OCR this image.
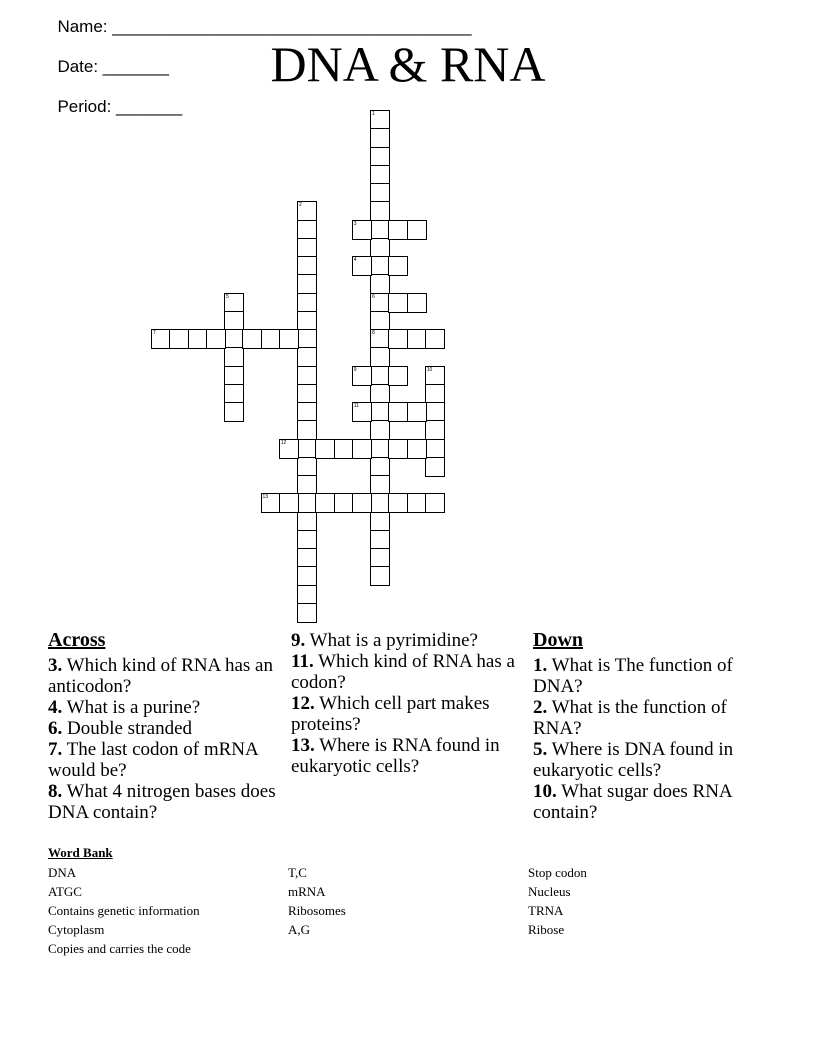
Name: ______________________________________

Date: _______

Period: _______

DNA & RNA
1
6
8
2
3
4
5
7
9	10
11
12
13
Across
3. Which kind of RNA has an anticodon?
4. What is a purine?
6. Double stranded
7. The last codon of mRNA would be?
8. What 4 nitrogen bases does DNA contain?
9. What is a pyrimidine?
11. Which kind of RNA has a codon?
12. Which cell part makes proteins?
13. Where is RNA found in eukaryotic cells?
Down
1. What is The function of DNA?
2. What is the function of RNA?
5. Where is DNA found in eukaryotic cells?
10. What sugar does RNA contain?
Word Bank
DNA
ATGC
Contains genetic information
Cytoplasm
Copies and carries the code
T,C
mRNA
Ribosomes
A,G
Stop codon
Nucleus
TRNA
Ribose
